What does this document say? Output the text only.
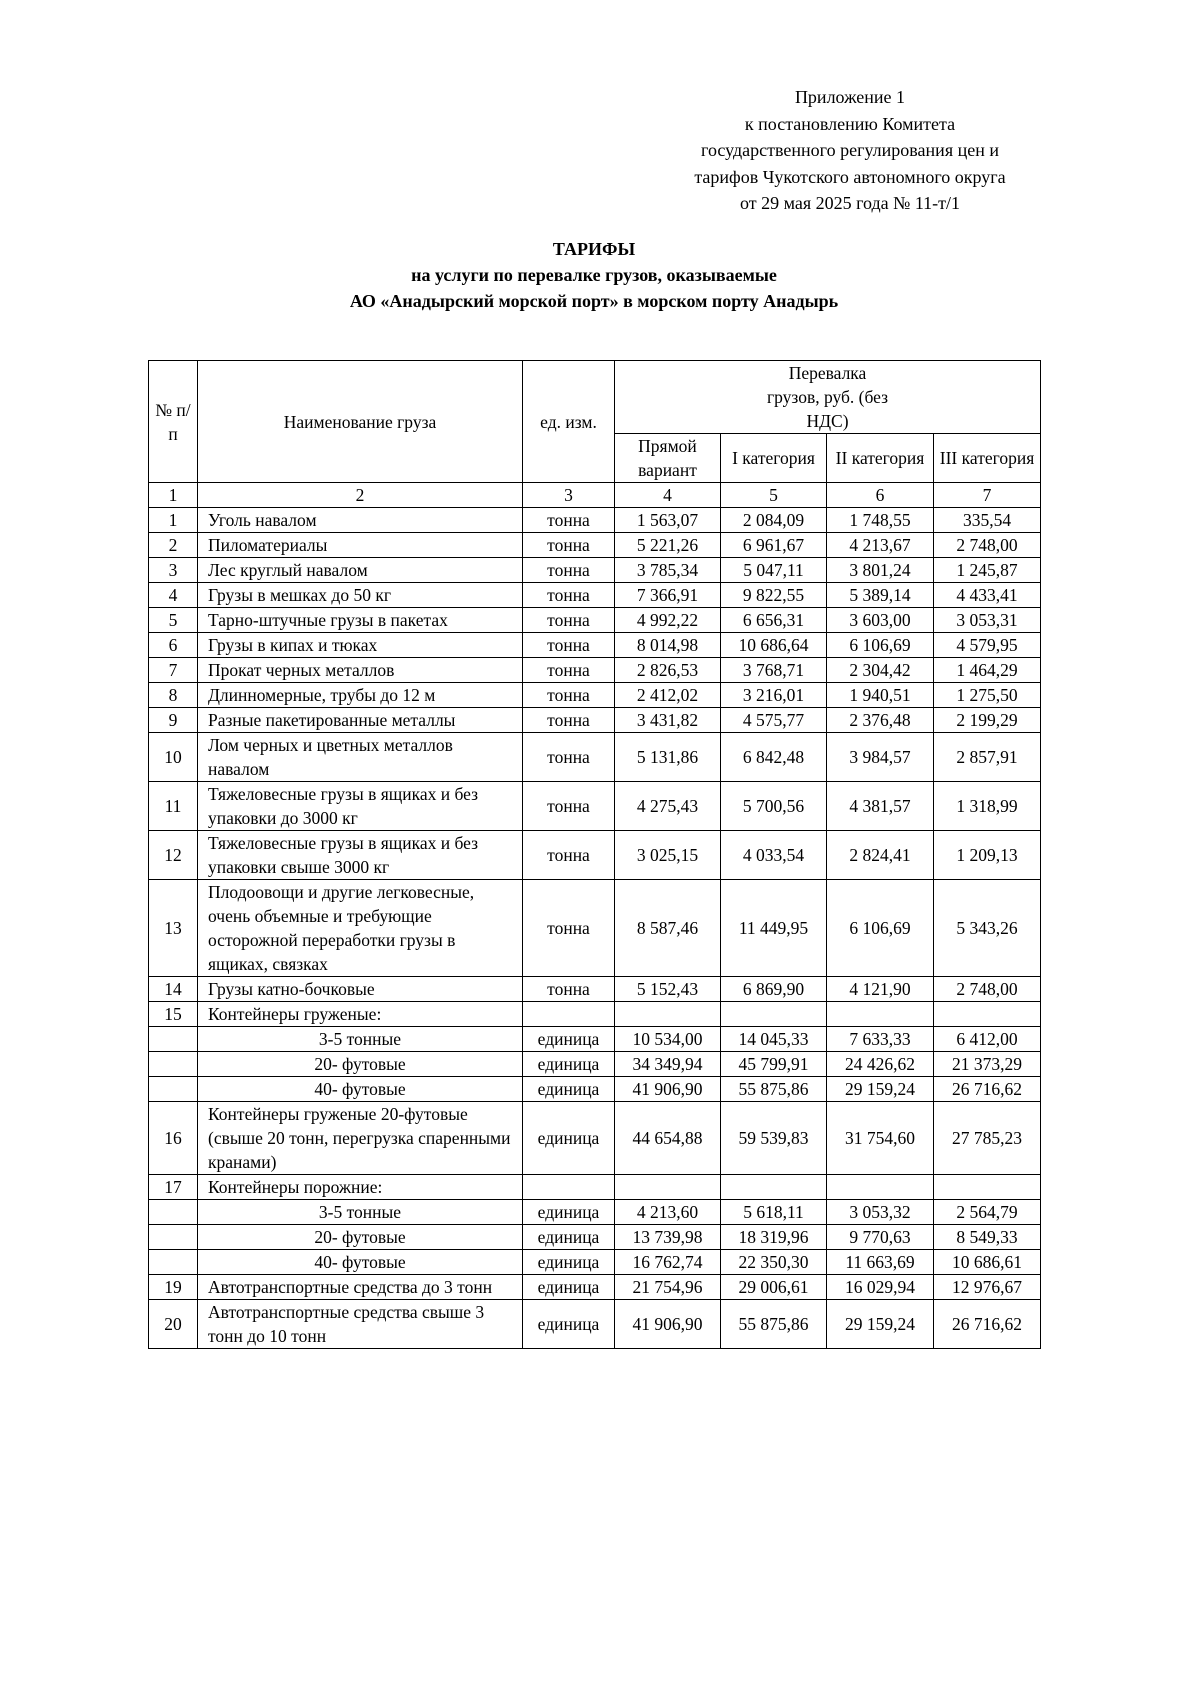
Приложение 1
к постановлению Комитета
государственного регулирования цен и
тарифов Чукотского автономного округа
от 29 мая 2025 года № 11-т/1
ТАРИФЫ
на услуги по перевалке грузов, оказываемые
АО «Анадырский морской порт» в морском порту Анадырь
№ п/п	Наименование груза	ед. изм.	Перевалка грузов, руб. (без НДС)			
			Прямой вариант	I категория	II категория	III категория
1	2	3	4	5	6	7
1	Уголь навалом	тонна	1 563,07	2 084,09	1 748,55	335,54
2	Пиломатериалы	тонна	5 221,26	6 961,67	4 213,67	2 748,00
3	Лес круглый навалом	тонна	3 785,34	5 047,11	3 801,24	1 245,87
4	Грузы в мешках до 50 кг	тонна	7 366,91	9 822,55	5 389,14	4 433,41
5	Тарно-штучные грузы в пакетах	тонна	4 992,22	6 656,31	3 603,00	3 053,31
6	Грузы в кипах и тюках	тонна	8 014,98	10 686,64	6 106,69	4 579,95
7	Прокат черных металлов	тонна	2 826,53	3 768,71	2 304,42	1 464,29
8	Длинномерные, трубы до 12 м	тонна	2 412,02	3 216,01	1 940,51	1 275,50
9	Разные пакетированные металлы	тонна	3 431,82	4 575,77	2 376,48	2 199,29
10	Лом черных и цветных металлов навалом	тонна	5 131,86	6 842,48	3 984,57	2 857,91
11	Тяжеловесные грузы в ящиках и без упаковки до 3000 кг	тонна	4 275,43	5 700,56	4 381,57	1 318,99
12	Тяжеловесные грузы в ящиках и без упаковки свыше 3000 кг	тонна	3 025,15	4 033,54	2 824,41	1 209,13
13	Плодоовощи и другие легковесные, очень объемные и требующие осторожной переработки грузы в ящиках, связках	тонна	8 587,46	11 449,95	6 106,69	5 343,26
14	Грузы катно-бочковые	тонна	5 152,43	6 869,90	4 121,90	2 748,00
15	Контейнеры груженые:					
	3-5 тонные	единица	10 534,00	14 045,33	7 633,33	6 412,00
	20- футовые	единица	34 349,94	45 799,91	24 426,62	21 373,29
	40- футовые	единица	41 906,90	55 875,86	29 159,24	26 716,62
16	Контейнеры груженые 20-футовые (свыше 20 тонн, перегрузка спаренными кранами)	единица	44 654,88	59 539,83	31 754,60	27 785,23
17	Контейнеры порожние:					
	3-5 тонные	единица	4 213,60	5 618,11	3 053,32	2 564,79
	20- футовые	единица	13 739,98	18 319,96	9 770,63	8 549,33
	40- футовые	единица	16 762,74	22 350,30	11 663,69	10 686,61
19	Автотранспортные средства до 3 тонн	единица	21 754,96	29 006,61	16 029,94	12 976,67
20	Автотранспортные средства свыше 3 тонн до 10 тонн	единица	41 906,90	55 875,86	29 159,24	26 716,62
